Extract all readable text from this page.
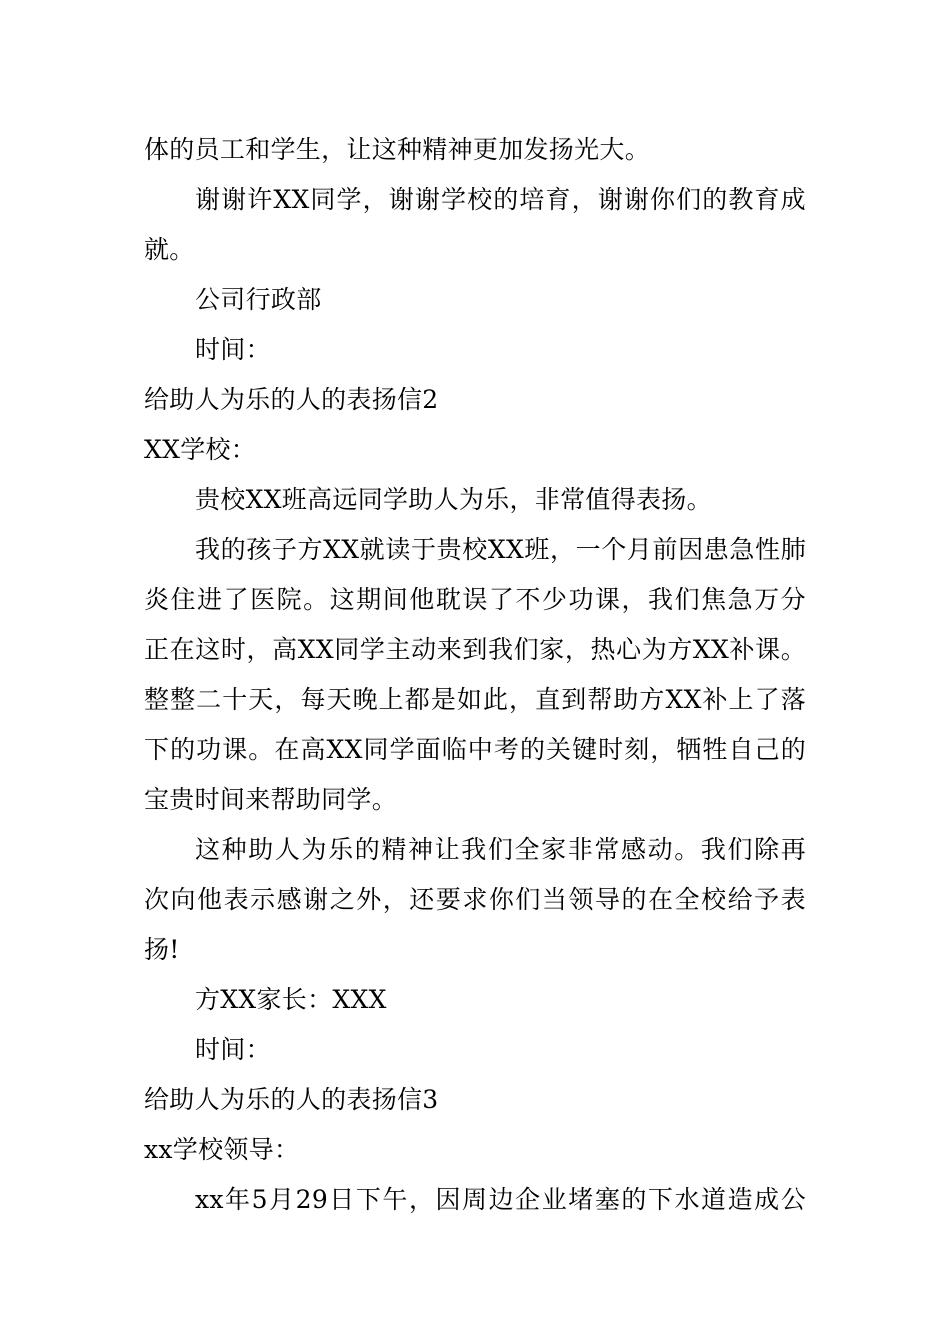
体的员工和学生，让这种精神更加发扬光大。
谢谢许XX同学，谢谢学校的培育，谢谢你们的教育成
就。
公司行政部
时间：
给助人为乐的人的表扬信2
XX学校：
贵校XX班高远同学助人为乐，非常值得表扬。
我的孩子方XX就读于贵校XX班，一个月前因患急性肺
炎住进了医院。这期间他耽误了不少功课，我们焦急万分
正在这时，高XX同学主动来到我们家，热心为方XX补课。
整整二十天，每天晚上都是如此，直到帮助方XX补上了落
下的功课。在高XX同学面临中考的关键时刻，牺牲自己的
宝贵时间来帮助同学。
这种助人为乐的精神让我们全家非常感动。我们除再
次向他表示感谢之外，还要求你们当领导的在全校给予表
扬!
方XX家长：XXX
时间：
给助人为乐的人的表扬信3
xx学校领导：
xx年5月29日下午，因周边企业堵塞的下水道造成公
